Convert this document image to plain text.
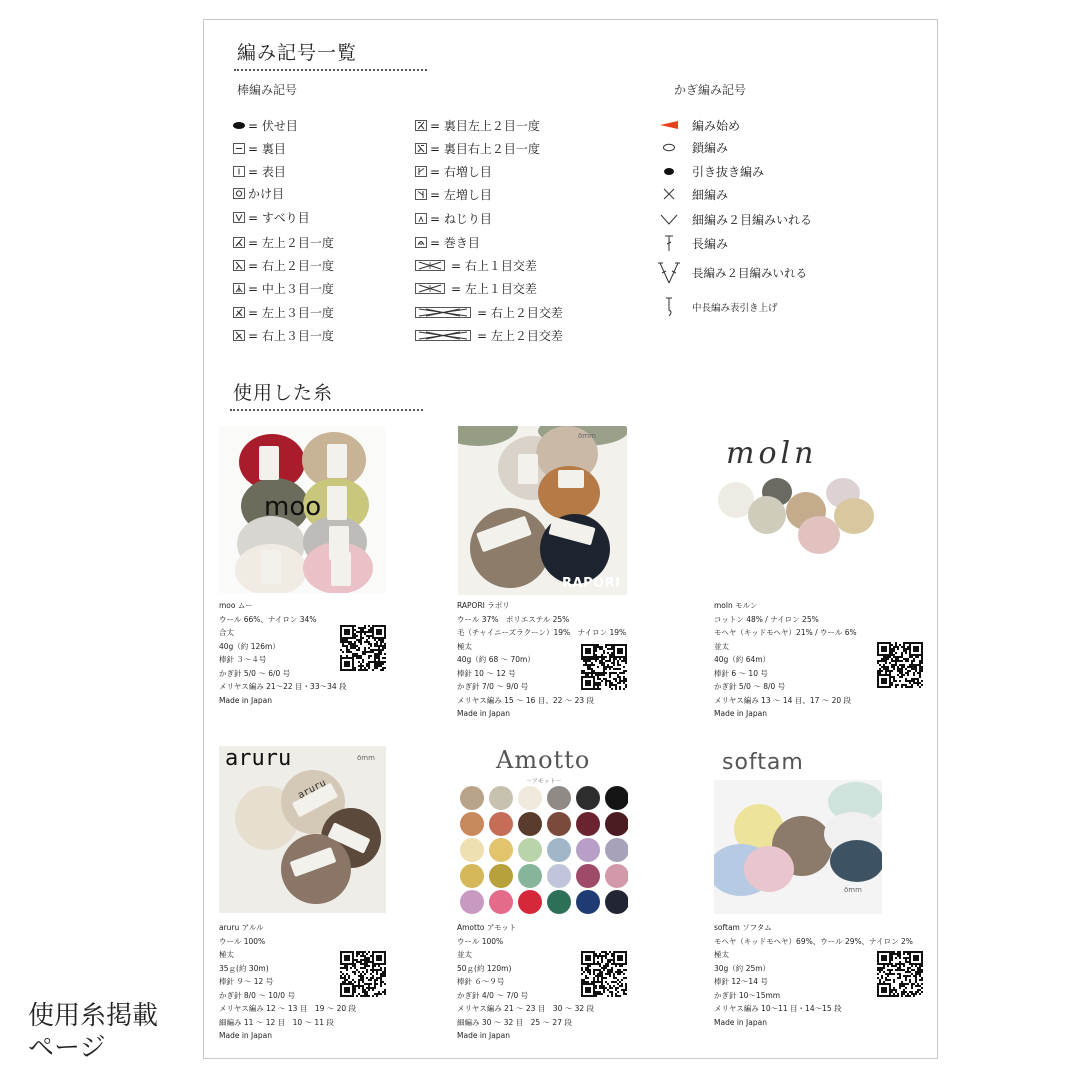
編み記号一覧
棒編み記号	かぎ編み記号
= 伏せ目
= 裏目
= 表目
かけ目
= すべり目
= 左上２目一度
= 右上２目一度
= 中上３目一度
= 左上３目一度
= 右上３目一度
= 裏目左上２目一度
= 裏目右上２目一度
= 右増し目
= 左増し目
= ねじり目
= 巻き目
= 右上１目交差
= 左上１目交差
= 右上２目交差
= 左上２目交差
編み始め
鎖編み
引き抜き編み
細編み
細編み２目編みいれる
長編み
長編み２目編みいれる
中長編み表引き上げ
使用した糸
moo
moo ムー
ウール 66%、ナイロン 34%
合太
40g（約 126m）
棒針 ３～４号
かぎ針 5/0 ～ 6/0 号
メリヤス編み 21～22 目・33～34 段
Made in Japan
ōmm
RAPORI
RAPORI ラポリ
ウール 37%　ポリエステル 25%
毛（チャイニーズラクーン）19%　ナイロン 19%
極太
40g（約 68 ～ 70m）
棒針 10 ～ 12 号
かぎ針 7/0 ～ 9/0 号
メリヤス編み 15 ～ 16 目、22 ～ 23 段
Made in Japan
moln
moln モルン
コットン 48% / ナイロン 25%
モヘヤ（キッドモヘヤ）21% / ウール 6%
並太
40g（約 64m）
棒針 6 ～ 10 号
かぎ針 5/0 ～ 8/0 号
メリヤス編み 13 ～ 14 目、17 ～ 20 段
Made in Japan
aruru	ōmm
aruru
aruru アルル
ウール 100%
極太
35ｇ(約 30m)
棒針 ９～ 12 号
かぎ針 8/0 ～ 10/0 号
メリヤス編み 12 ～ 13 目　19 ～ 20 段
細編み 11 ～ 12 目　10 ～ 11 段
Made in Japan
Amotto
－アモット－
Amotto アモット
ウール 100%
並太
50ｇ(約 120m)
棒針 ６～９号
かぎ針 4/0 ～ 7/0 号
メリヤス編み 21 ～ 23 目　30 ～ 32 段
細編み 30 ～ 32 目　25 ～ 27 段
Made in Japan
softam
ōmm
softam ソフタム
モヘヤ（キッドモヘヤ）69%、ウール 29%、ナイロン 2%
極太
30g（約 25m）
棒針 12～14 号
かぎ針 10～15mm
メリヤス編み 10～11 目・14～15 段
Made in Japan
使用糸掲載
ページ
